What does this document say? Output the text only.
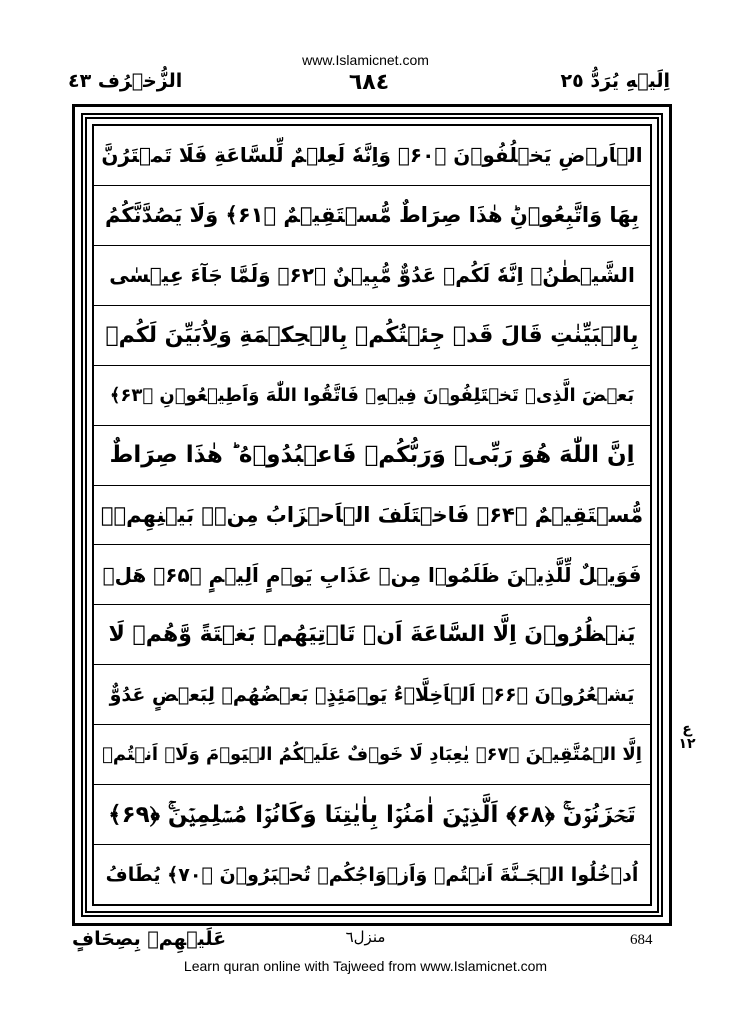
www.Islamicnet.com
اِلَيۡهِ يُرَدُّ ٢٥
٦٨٤
الزُّخۡرُف ٤٣
الۡاَرۡضِ يَخۡلُفُوۡنَ ﴿۶۰﴾ وَاِنَّهٗ لَعِلۡمٌ لِّلسَّاعَةِ فَلَا تَمۡتَرُنَّ
بِهَا وَاتَّبِعُوۡنِ‌ؕ هٰذَا صِرَاطٌ مُّسۡتَقِيۡمٌ ﴿۶۱﴾ وَلَا يَصُدَّنَّكُمُ
الشَّيۡطٰنُ‌ۚ اِنَّهٗ لَكُمۡ عَدُوٌّ مُّبِيۡنٌ ﴿۶۲﴾ وَلَمَّا جَآءَ عِيۡسٰى
بِالۡبَيِّنٰتِ قَالَ قَدۡ جِئۡتُكُمۡ بِالۡحِكۡمَةِ وَلِاُبَيِّنَ لَكُمۡ
بَعۡضَ الَّذِىۡ تَخۡتَلِفُوۡنَ فِيۡهِ‌ۚ فَاتَّقُوا اللّٰهَ وَاَطِيۡعُوۡنِ ﴿۶۳﴾
اِنَّ اللّٰهَ هُوَ رَبِّىۡ وَرَبُّكُمۡ فَاعۡبُدُوۡهُ‌ ؕ هٰذَا صِرَاطٌ
مُّسۡتَقِيۡمٌ ﴿۶۴﴾ فَاخۡتَلَفَ الۡاَحۡزَابُ مِنۡۢ بَيۡنِهِمۡ‌ۚ
فَوَيۡلٌ لِّلَّذِيۡنَ ظَلَمُوۡا مِنۡ عَذَابِ يَوۡمٍ اَلِيۡمٍ ﴿۶۵﴾ هَلۡ
يَنۡظُرُوۡنَ اِلَّا السَّاعَةَ اَنۡ تَاۡتِيَهُمۡ بَغۡتَةً وَّهُمۡ لَا
يَشۡعُرُوۡنَ ﴿۶۶﴾ اَلۡاَخِلَّاۤءُ يَوۡمَئِذٍۢ بَعۡضُهُمۡ لِبَعۡضٍ عَدُوٌّ
اِلَّا الۡمُتَّقِيۡنَ ﴿۶۷﴾ يٰعِبَادِ لَا خَوۡفٌ عَلَيۡكُمُ الۡيَوۡمَ وَلَاۤ اَنۡتُمۡ
تَحۡزَنُوۡنَ‌ۚ ﴿۶۸﴾ اَلَّذِيۡنَ اٰمَنُوۡا بِاٰيٰتِنَا وَكَانُوۡا مُسۡلِمِيۡنَ‌ۚ ﴿۶۹﴾
اُدۡخُلُوا الۡجَـنَّةَ اَنۡتُمۡ وَاَزۡوَاجُكُمۡ تُحۡبَرُوۡنَ ﴿۷۰﴾ يُطَافُ
ع ١٢
عَلَيۡهِمۡ بِصِحَافٍ	منزل٦	684
Learn quran online with Tajweed from www.Islamicnet.com
